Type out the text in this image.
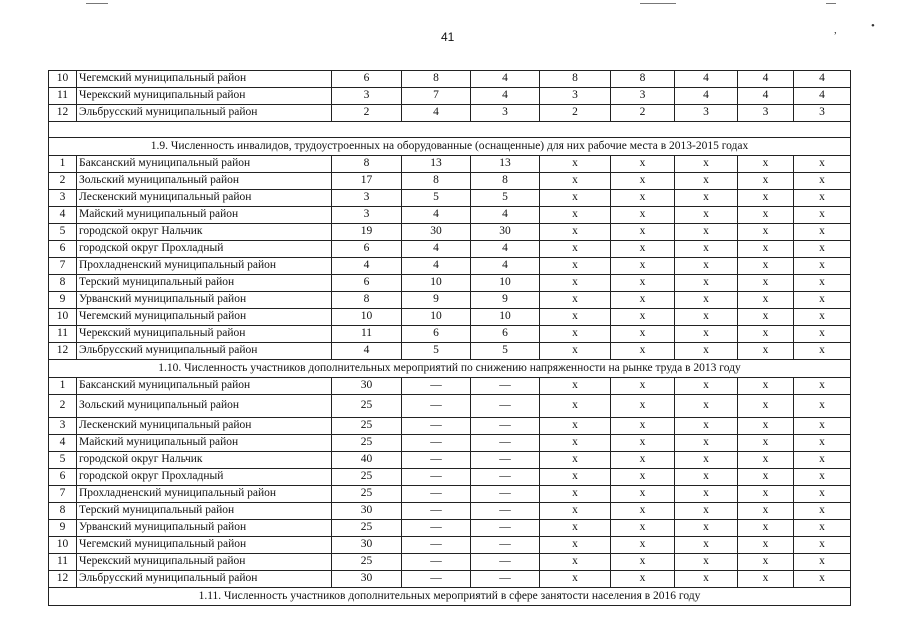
,	•
41
10	Чегемский муниципальный район	6	8	4	8	8	4	4	4
11	Черекский муниципальный район	3	7	4	3	3	4	4	4
12	Эльбрусский муниципальный район	2	4	3	2	2	3	3	3

1.9. Численность инвалидов, трудоустроенных на оборудованные (оснащенные) для них рабочие места в 2013-2015 годах									
1	Баксанский муниципальный район	8	13	13	x	x	x	x	x
2	Зольский муниципальный район	17	8	8	x	x	x	x	x
3	Лескенский муниципальный район	3	5	5	x	x	x	x	x
4	Майский муниципальный район	3	4	4	x	x	x	x	x
5	городской округ Нальчик	19	30	30	x	x	x	x	x
6	городской округ Прохладный	6	4	4	x	x	x	x	x
7	Прохладненский муниципальный район	4	4	4	x	x	x	x	x
8	Терский муниципальный район	6	10	10	x	x	x	x	x
9	Урванский муниципальный район	8	9	9	x	x	x	x	x
10	Чегемский муниципальный район	10	10	10	x	x	x	x	x
11	Черекский муниципальный район	11	6	6	x	x	x	x	x
12	Эльбрусский муниципальный район	4	5	5	x	x	x	x	x
1.10. Численность участников дополнительных мероприятий по снижению напряженности на рынке труда в 2013 году									
1	Баксанский муниципальный район	30	—	—	x	x	x	x	x
2	Зольский муниципальный район	25	—	—	x	x	x	x	x
3	Лескенский муниципальный район	25	—	—	x	x	x	x	x
4	Майский муниципальный район	25	—	—	x	x	x	x	x
5	городской округ Нальчик	40	—	—	x	x	x	x	x
6	городской округ Прохладный	25	—	—	x	x	x	x	x
7	Прохладненский муниципальный район	25	—	—	x	x	x	x	x
8	Терский муниципальный район	30	—	—	x	x	x	x	x
9	Урванский муниципальный район	25	—	—	x	x	x	x	x
10	Чегемский муниципальный район	30	—	—	x	x	x	x	x
11	Черекский муниципальный район	25	—	—	x	x	x	x	x
12	Эльбрусский муниципальный район	30	—	—	x	x	x	x	x
1.11. Численность участников дополнительных мероприятий в сфере занятости населения в 2016 году									
